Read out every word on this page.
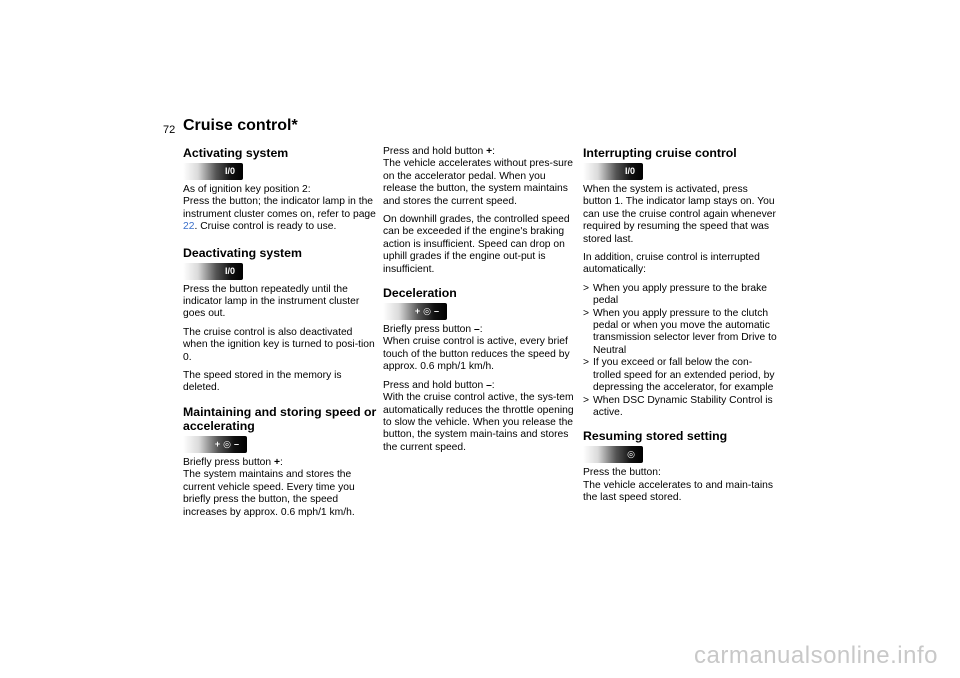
72 Cruise control*
Activating system
I/0

As of ignition key position 2:
Press the button; the indicator lamp in the instrument cluster comes on, refer to page 22. Cruise control is ready to use.

Deactivating system
I/0

Press the button repeatedly until the indicator lamp in the instrument cluster goes out.

The cruise control is also deactivated when the ignition key is turned to posi-tion 0.

The speed stored in the memory is deleted.

Maintaining and storing speed or accelerating
+ ◎ –

Briefly press button +:
The system maintains and stores the current vehicle speed. Every time you briefly press the button, the speed increases by approx. 0.6 mph/1 km/h.

Press and hold button +:
The vehicle accelerates without pres-sure on the accelerator pedal. When you release the button, the system maintains and stores the current speed.

On downhill grades, the controlled speed can be exceeded if the engine's braking action is insufficient. Speed can drop on uphill grades if the engine out-put is insufficient.

Deceleration
+ ◎ –

Briefly press button –:
When cruise control is active, every brief touch of the button reduces the speed by approx. 0.6 mph/1 km/h.

Press and hold button –:
With the cruise control active, the sys-tem automatically reduces the throttle opening to slow the vehicle. When you release the button, the system main-tains and stores the current speed.

Interrupting cruise control
I/0

When the system is activated, press button 1. The indicator lamp stays on. You can use the cruise control again whenever required by resuming the speed that was stored last.

In addition, cruise control is interrupted automatically:

> When you apply pressure to the brake pedal
> When you apply pressure to the clutch pedal or when you move the automatic transmission selector lever from Drive to Neutral
> If you exceed or fall below the con-trolled speed for an extended period, by depressing the accelerator, for example
> When DSC Dynamic Stability Control is active.
Resuming stored setting
◎

Press the button:
The vehicle accelerates to and main-tains the last speed stored.

carmanualsonline.info
